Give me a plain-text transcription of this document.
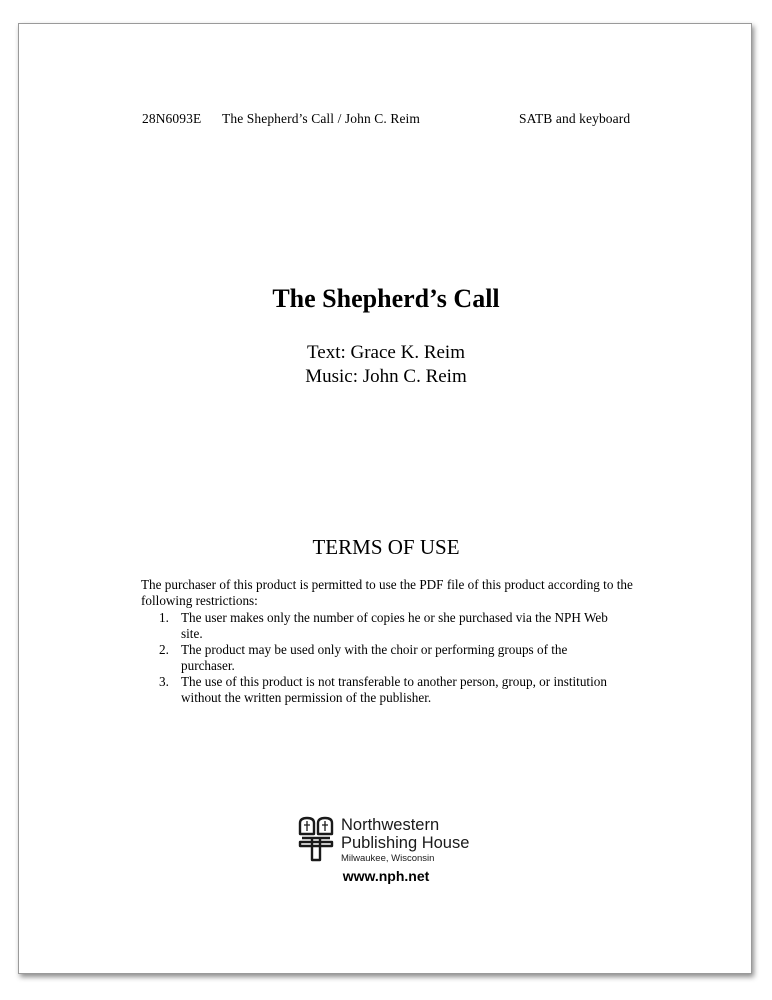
28N6093E The Shepherd’s Call / John C. Reim	SATB and keyboard
The Shepherd’s Call
Text: Grace K. Reim
Music: John C. Reim
TERMS OF USE
The purchaser of this product is permitted to use the PDF file of this product according to the following restrictions:
1. The user makes only the number of copies he or she purchased via the NPH Web site.
2. The product may be used only with the choir or performing groups of the purchaser.
3. The use of this product is not transferable to another person, group, or institution without the written permission of the publisher.
Northwestern
Publishing House
Milwaukee, Wisconsin
www.nph.net
